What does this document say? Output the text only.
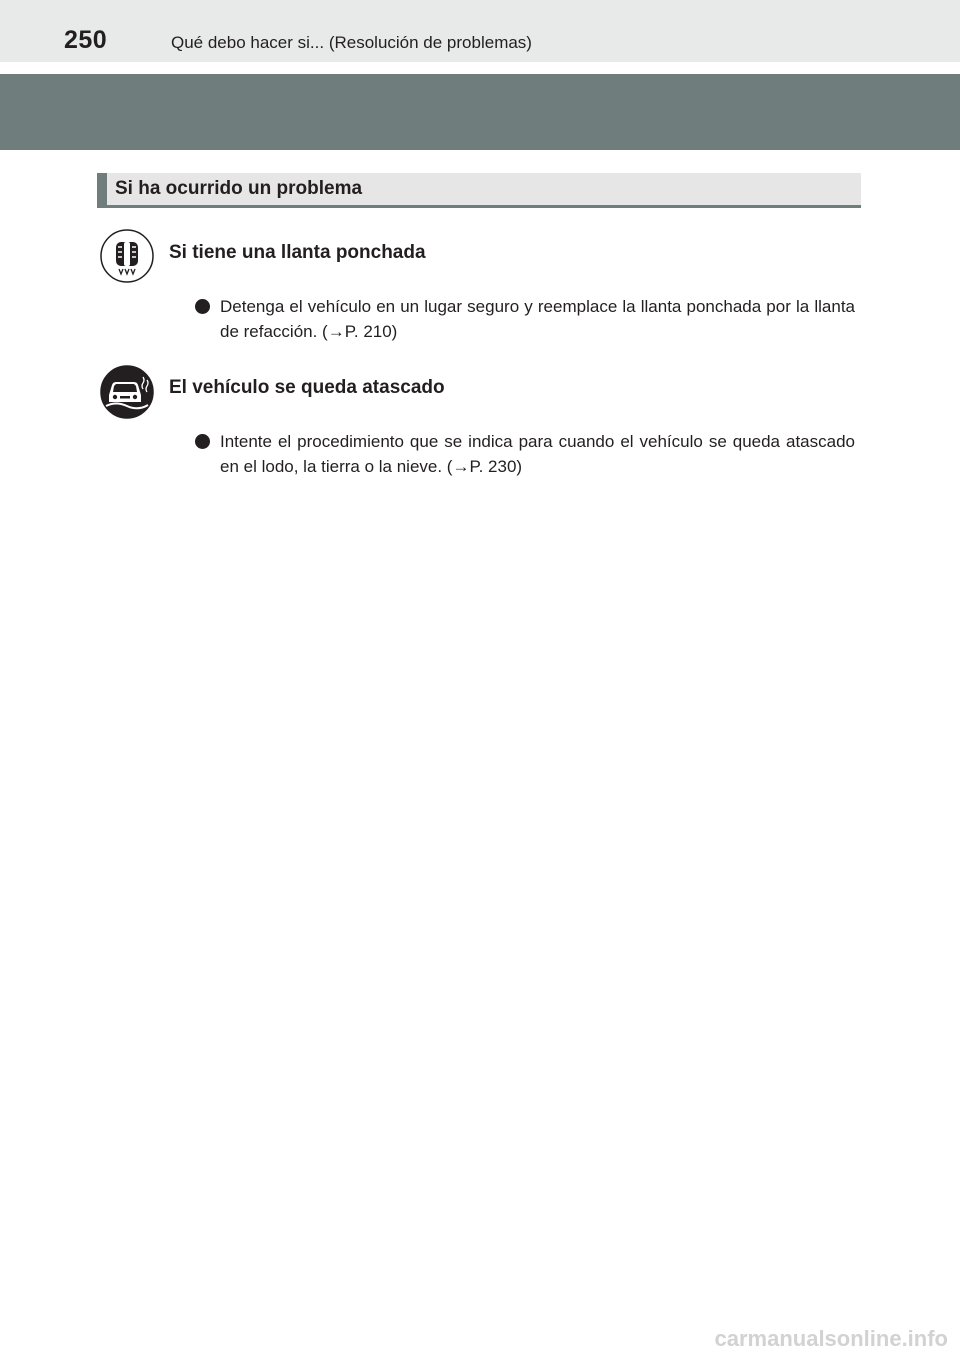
250	Qué debo hacer si... (Resolución de problemas)
Si ha ocurrido un problema
Si tiene una llanta ponchada
Detenga el vehículo en un lugar seguro y reemplace la llanta ponchada por la llanta de refacción. (→P. 210)
El vehículo se queda atascado
Intente el procedimiento que se indica para cuando el vehículo se queda atascado en el lodo, la tierra o la nieve. (→P. 230)
carmanualsonline.info
